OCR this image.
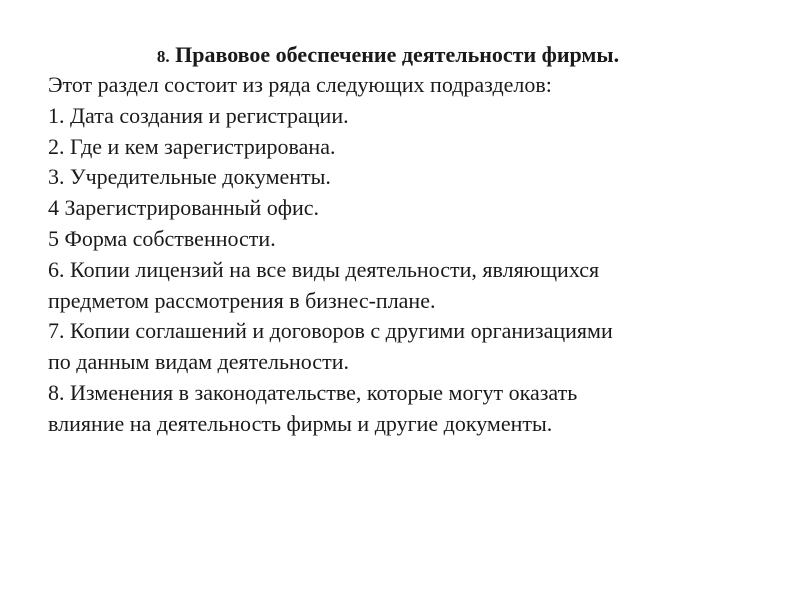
8. Правовое обеспечение деятельности фирмы.
Этот раздел состоит из ряда следующих подразделов:
1. Дата создания и регистрации.
2. Где и кем зарегистрирована.
3. Учредительные документы.
4 Зарегистрированный офис.
5 Форма собственности.
6. Копии лицензий на все виды деятельности, являющихся
предметом рассмотрения в бизнес-плане.
7. Копии соглашений и договоров с другими организациями
по данным видам деятельности.
8. Изменения в законодательстве, которые могут оказать
влияние на деятельность фирмы и другие документы.
